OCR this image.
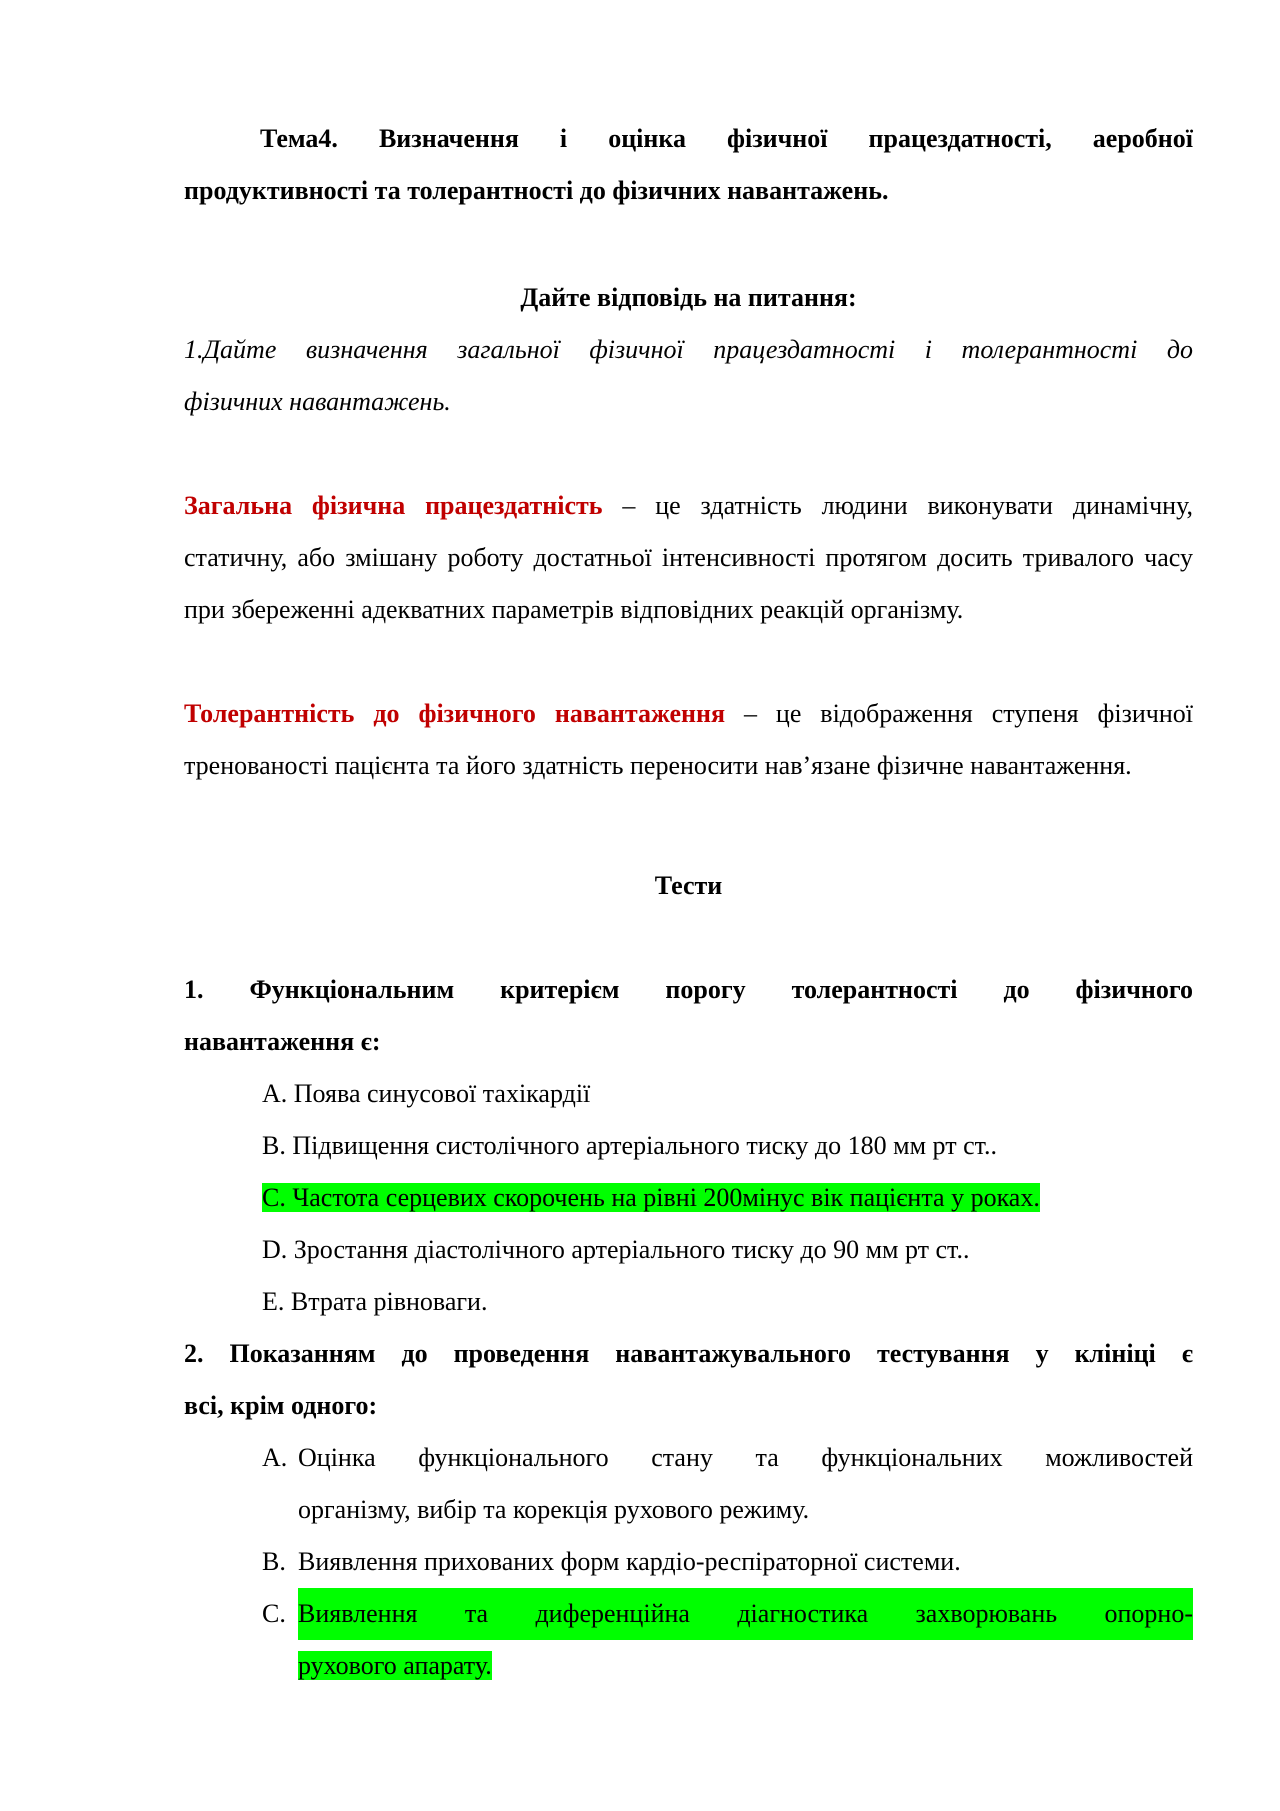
Тема4. Визначення і оцінка фізичної працездатності, аеробної

продуктивності та толерантності до фізичних навантажень.

Дайте відповідь на питання:

1.Дайте визначення загальної фізичної працездатності і толерантності до

фізичних навантажень.

Загальна фізична працездатність – це здатність людини виконувати динамічну, статичну, або змішану роботу достатньої інтенсивності протягом досить тривалого часу при збереженні адекватних параметрів відповідних реакцій організму.

Толерантність до фізичного навантаження – це відображення ступеня фізичної тренованості пацієнта та його здатність переносити нав’язане фізичне навантаження.

Тести

1. Функціональним критерієм порогу толерантності до фізичного

навантаження є:

A. Поява синусової тахікардії

B. Підвищення систолічного артеріального тиску до 180 мм рт ст..

C. Частота серцевих скорочень на рівні 200мінус вік пацієнта у роках.

D. Зростання діастолічного артеріального тиску до 90 мм рт ст..

E. Втрата рівноваги.

2. Показанням до проведення навантажувального тестування у клініці є

всі, крім одного:

A. Оцінка функціонального стану та функціональних можливостей
організму, вибір та корекція рухового режиму.
B. Виявлення прихованих форм кардіо-респіраторної системи.
C. Виявлення та диференційна діагностика захворювань опорно-
рухового апарату.
